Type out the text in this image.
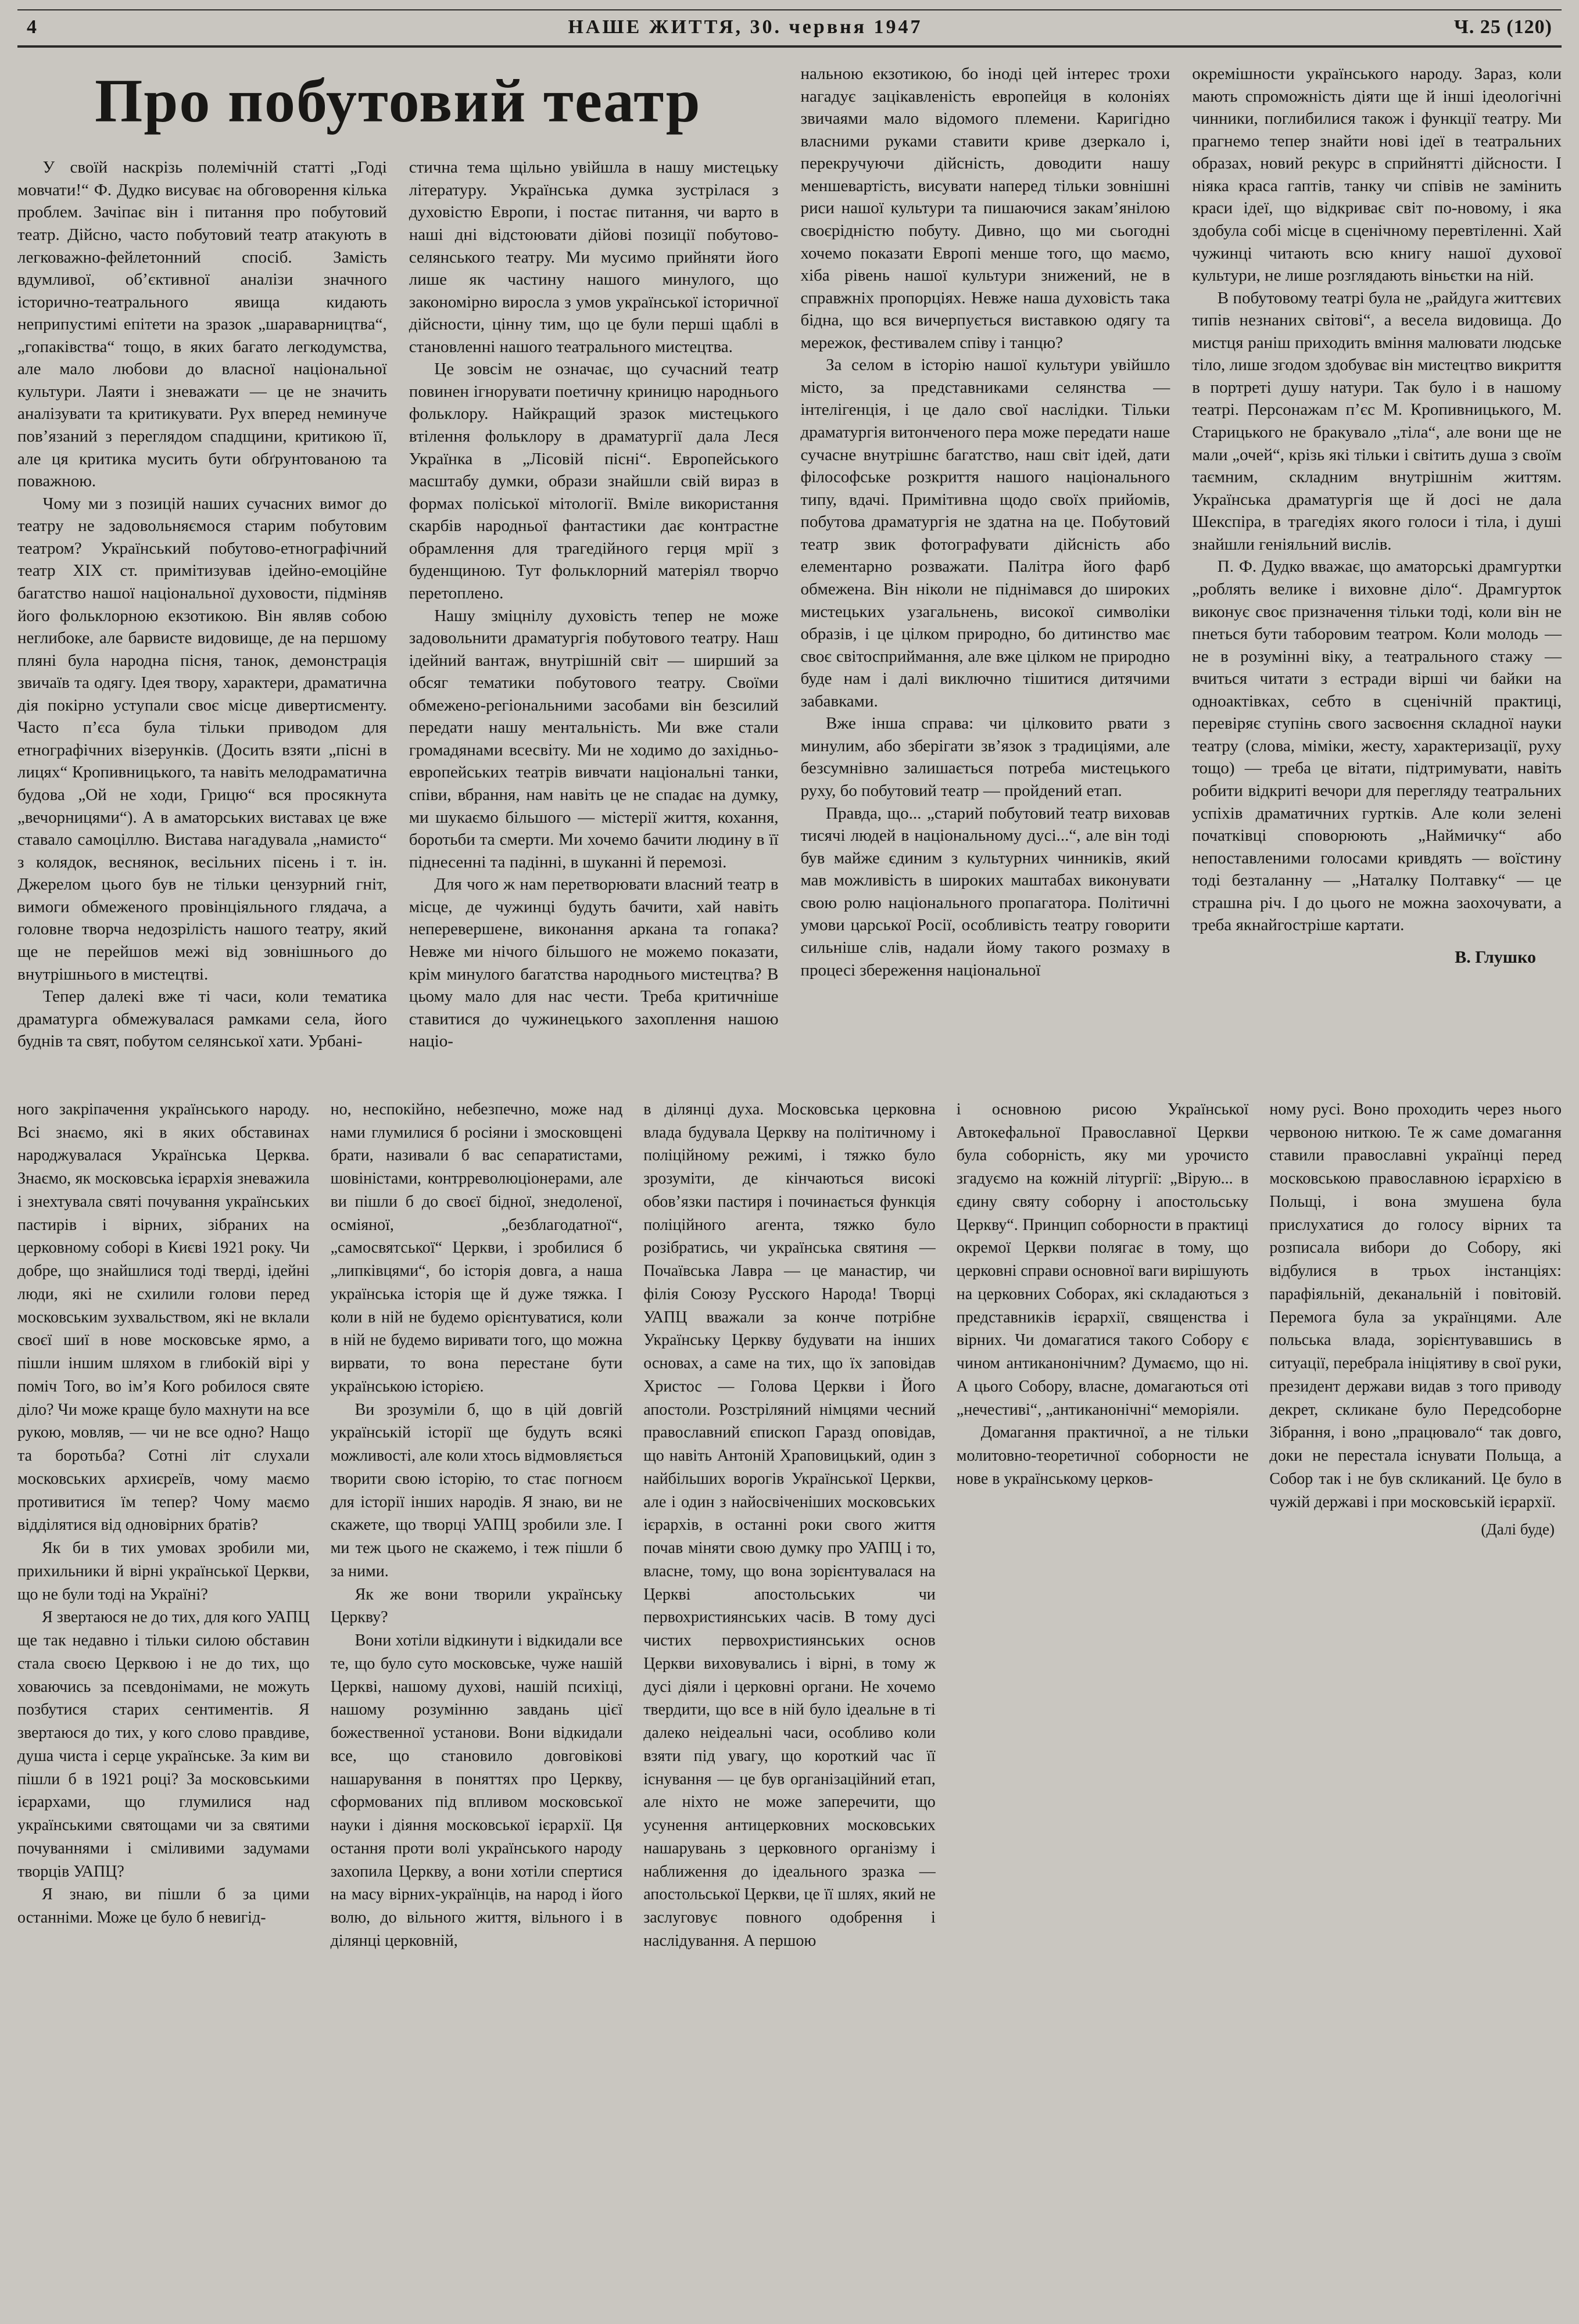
4	НАШЕ ЖИТТЯ, 30. червня 1947	Ч. 25 (120)
Про побутовий театр

У своїй наскрізь полемічній статті „Годі мовчати!“ Ф. Дудко висуває на обговорення кілька проблем. Зачіпає він і питання про побутовий театр. Дійсно, часто побутовий театр атакують в легковажно-фейлетонний спосіб. Замість вдумливої, об’єктивної аналізи значного історично-театрального явища кидають неприпустимі епітети на зразок „шараварництва“, „гопаківства“ тощо, в яких багато легкодумства, але мало любови до власної національної культури. Лаяти і зневажати — це не значить аналізувати та критикувати. Рух вперед неминуче пов’язаний з переглядом спадщини, критикою її, але ця критика мусить бути обґрунтованою та поважною.

Чому ми з позицій наших сучасних вимог до театру не задовольняємося старим побутовим театром? Український побутово-етнографічний театр XIX ст. примітизував ідейно-емоційне багатство нашої національної духовости, підміняв його фольклорною екзотикою. Він являв собою неглибоке, але барвисте видовище, де на першому пляні була народна пісня, танок, демонстрація звичаїв та одягу. Ідея твору, характери, драматична дія покірно уступали своє місце дивертисменту. Часто п’єса була тільки приводом для етнографічних візерунків. (Досить взяти „пісні в лицях“ Кропивницького, та навіть мелодраматична будова „Ой не ходи, Грицю“ вся просякнута „вечорницями“). А в аматорських виставах це вже ставало самоціллю. Вистава нагадувала „намисто“ з колядок, веснянок, весільних пісень і т. ін. Джерелом цього був не тільки цензурний гніт, вимоги обмеженого провінціяльного глядача, а головне творча недозрілість нашого театру, який ще не перейшов межі від зовнішнього до внутрішнього в мистецтві.

Тепер далекі вже ті часи, коли тематика драматурга обмежувалася рамками села, його буднів та свят, побутом селянської хати. Урбані-

стична тема щільно увійшла в нашу мистецьку літературу. Українська думка зустрілася з духовістю Европи, і постає питання, чи варто в наші дні відстоювати дійові позиції побутово-селянського театру. Ми мусимо прийняти його лише як частину нашого минулого, що закономірно виросла з умов української історичної дійсности, цінну тим, що це були перші щаблі в становленні нашого театрального мистецтва.

Це зовсім не означає, що сучасний театр повинен ігнорувати поетичну криницю народнього фольклору. Найкращий зразок мистецького втілення фольклору в драматургії дала Леся Українка в „Лісовій пісні“. Европейського масштабу думки, образи знайшли свій вираз в формах поліської мітології. Вміле використання скарбів народньої фантастики дає контрастне обрамлення для трагедійного герця мрії з буденщиною. Тут фольклорний матеріял творчо перетоплено.

Нашу зміцнілу духовість тепер не може задовольнити драматургія побутового театру. Наш ідейний вантаж, внутрішній світ — ширший за обсяг тематики побутового театру. Своїми обмежено-регіональними засобами він безсилий передати нашу ментальність. Ми вже стали громадянами всесвіту. Ми не ходимо до західньо-европейських театрів вивчати національні танки, співи, вбрання, нам навіть це не спадає на думку, ми шукаємо більшого — містерії життя, кохання, боротьби та смерти. Ми хочемо бачити людину в її піднесенні та падінні, в шуканні й перемозі.

Для чого ж нам перетворювати власний театр в місце, де чужинці будуть бачити, хай навіть неперевершене, виконання аркана та гопака? Невже ми нічого більшого не можемо показати, крім минулого багатства народнього мистецтва? В цьому мало для нас чести. Треба критичніше ставитися до чужинецького захоплення нашою націо-

нальною екзотикою, бо іноді цей інтерес трохи нагадує зацікавленість европейця в колоніях звичаями мало відомого племени. Каригідно власними руками ставити криве дзеркало і, перекручуючи дійсність, доводити нашу меншевартість, висувати наперед тільки зовнішні риси нашої культури та пишаючися закам’янілою своєрідністю побуту. Дивно, що ми сьогодні хочемо показати Европі менше того, що маємо, хіба рівень нашої культури знижений, не в справжніх пропорціях. Невже наша духовість така бідна, що вся вичерпується виставкою одягу та мережок, фестивалем співу і танцю?

За селом в історію нашої культури увійшло місто, за представниками селянства — інтелігенція, і це дало свої наслідки. Тільки драматургія витонченого пера може передати наше сучасне внутрішнє багатство, наш світ ідей, дати філософське розкриття нашого національного типу, вдачі. Примітивна щодо своїх прийомів, побутова драматургія не здатна на це. Побутовий театр звик фотографувати дійсність або елементарно розважати. Палітра його фарб обмежена. Він ніколи не піднімався до широких мистецьких узагальнень, високої символіки образів, і це цілком природно, бо дитинство має своє світосприймання, але вже цілком не природно буде нам і далі виключно тішитися дитячими забавками.

Вже інша справа: чи цілковито рвати з минулим, або зберігати зв’язок з традиціями, але безсумнівно залишається потреба мистецького руху, бо побутовий театр — пройдений етап.

Правда, що... „старий побутовий театр виховав тисячі людей в національному дусі...“, але він тоді був майже єдиним з культурних чинників, який мав можливість в широких маштабах виконувати свою ролю національного пропагатора. Політичні умови царської Росії, особливість театру говорити сильніше слів, надали йому такого розмаху в процесі збереження національної

окремішности українського народу. Зараз, коли мають спроможність діяти ще й інші ідеологічні чинники, поглибилися також і функції театру. Ми прагнемо тепер знайти нові ідеї в театральних образах, новий рекурс в сприйнятті дійсности. І ніяка краса гаптів, танку чи співів не замінить краси ідеї, що відкриває світ по-новому, і яка здобула собі місце в сценічному перевтіленні. Хай чужинці читають всю книгу нашої духової культури, не лише розглядають віньєтки на ній.

В побутовому театрі була не „райдуга життєвих типів незнаних світові“, а весела видовища. До мистця раніш приходить вміння малювати людське тіло, лише згодом здобуває він мистецтво викриття в портреті душу натури. Так було і в нашому театрі. Персонажам п’єс М. Кропивницького, М. Старицького не бракувало „тіла“, але вони ще не мали „очей“, крізь які тільки і світить душа з своїм таємним, складним внутрішнім життям. Українська драматургія ще й досі не дала Шекспіра, в трагедіях якого голоси і тіла, і душі знайшли геніяльний вислів.

П. Ф. Дудко вважає, що аматорські драмгуртки „роблять велике і виховне діло“. Драмгурток виконує своє призначення тільки тоді, коли він не пнеться бути таборовим театром. Коли молодь — не в розумінні віку, а театрального стажу — вчиться читати з естради вірші чи байки на одноактівках, себто в сценічній практиці, перевіряє ступінь свого засвоєння складної науки театру (слова, міміки, жесту, характеризації, руху тощо) — треба це вітати, підтримувати, навіть робити відкриті вечори для перегляду театральних успіхів драматичних гуртків. Але коли зелені початківці споворюють „Наймичку“ або непоставленими голосами кривдять — воїстину тоді безталанну — „Наталку Полтавку“ — це страшна річ. І до цього не можна заохочувати, а треба якнайгостріше картати.

В. Глушко

ного закріпачення українського народу. Всі знаємо, які в яких обставинах народжувалася Українська Церква. Знаємо, як московська ієрархія зневажила і знехтувала святі почування українських пастирів і вірних, зібраних на церковному соборі в Києві 1921 року. Чи добре, що знайшлися тоді тверді, ідейні люди, які не схилили голови перед московським зухвальством, які не вклали своєї шиї в нове московське ярмо, а пішли іншим шляхом в глибокій вірі у поміч Того, во ім’я Кого робилося святе діло? Чи може краще було махнути на все рукою, мовляв, — чи не все одно? Нащо та боротьба? Сотні літ слухали московських архиєреїв, чому маємо противитися їм тепер? Чому маємо відділятися від одновірних братів?

Як би в тих умовах зробили ми, прихильники й вірні української Церкви, що не були тоді на Україні?

Я звертаюся не до тих, для кого УАПЦ ще так недавно і тільки силою обставин стала своєю Церквою і не до тих, що ховаючись за псевдонімами, не можуть позбутися старих сентиментів. Я звертаюся до тих, у кого слово правдиве, душа чиста і серце українське. За ким ви пішли б в 1921 році? За московськими ієрархами, що глумилися над українськими святощами чи за святими почуваннями і сміливими задумами творців УАПЦ?

Я знаю, ви пішли б за цими останніми. Може це було б невигід-

но, неспокійно, небезпечно, може над нами глумилися б росіяни і змосковщені брати, називали б вас сепаратистами, шовіністами, контрреволюціонерами, але ви пішли б до своєї бідної, знедоленої, осміяної, „безблагодатної“, „самосвятської“ Церкви, і зробилися б „липківцями“, бо історія довга, а наша українська історія ще й дуже тяжка. І коли в ній не будемо орієнтуватися, коли в ній не будемо виривати того, що можна вирвати, то вона перестане бути українською історією.

Ви зрозуміли б, що в цій довгій українській історії ще будуть всякі можливості, але коли хтось відмовляється творити свою історію, то стає погноєм для історії інших народів. Я знаю, ви не скажете, що творці УАПЦ зробили зле. І ми теж цього не скажемо, і теж пішли б за ними.

Як же вони творили українську Церкву?

Вони хотіли відкинути і відкидали все те, що було суто московське, чуже нашій Церкві, нашому духові, нашій психіці, нашому розумінню завдань цієї божественної установи. Вони відкидали все, що становило довговікові нашарування в поняттях про Церкву, сформованих під впливом московської науки і діяння московської ієрархії. Ця остання проти волі українського народу захопила Церкву, а вони хотіли спертися на масу вірних-українців, на народ і його волю, до вільного життя, вільного і в ділянці церковній,

в ділянці духа. Московська церковна влада будувала Церкву на політичному і поліційному режимі, і тяжко було зрозуміти, де кінчаються високі обов’язки пастиря і починається функція поліційного агента, тяжко було розібратись, чи українська святиня — Почаївська Лавра — це манастир, чи філія Союзу Русского Народа! Творці УАПЦ вважали за конче потрібне Українську Церкву будувати на інших основах, а саме на тих, що їх заповідав Христос — Голова Церкви і Його апостоли. Розстріляний німцями чесний православний єпископ Гаразд оповідав, що навіть Антоній Храповицький, один з найбільших ворогів Української Церкви, але і один з найосвіченіших московських ієрархів, в останні роки свого життя почав міняти свою думку про УАПЦ і то, власне, тому, що вона зорієнтувалася на Церкві апостольських чи первохристиянських часів. В тому дусі чистих первохристиянських основ Церкви виховувались і вірні, в тому ж дусі діяли і церковні органи. Не хочемо твердити, що все в ній було ідеальне в ті далеко неідеальні часи, особливо коли взяти під увагу, що короткий час її існування — це був організаційний етап, але ніхто не може заперечити, що усунення антицерковних московських нашарувань з церковного організму і наближення до ідеального зразка — апостольської Церкви, це її шлях, який не заслуговує повного одобрення і наслідування. А першою

і основною рисою Української Автокефальної Православної Церкви була соборність, яку ми урочисто згадуємо на кожній літургії: „Вірую... в єдину святу соборну і апостольську Церкву“. Принцип соборности в практиці окремої Церкви полягає в тому, що церковні справи основної ваги вирішують на церковних Соборах, які складаються з представників ієрархії, священства і вірних. Чи домагатися такого Собору є чином антиканонічним? Думаємо, що ні. А цього Собору, власне, домагаються оті „нечестиві“, „антиканонічні“ меморіяли.

Домагання практичної, а не тільки молитовно-теоретичної соборности не нове в українському церков-

ному русі. Воно проходить через нього червоною ниткою. Те ж саме домагання ставили православні українці перед московською православною ієрархією в Польщі, і вона змушена була прислухатися до голосу вірних та розписала вибори до Собору, які відбулися в трьох інстанціях: парафіяльній, деканальній і повітовій. Перемога була за українцями. Але польська влада, зорієнтувавшись в ситуації, перебрала ініціятиву в свої руки, президент держави видав з того приводу декрет, скликане було Передсоборне Зібрання, і воно „працювало“ так довго, доки не перестала існувати Польща, а Собор так і не був скликаний. Це було в чужій державі і при московській ієрархії.

(Далі буде)
